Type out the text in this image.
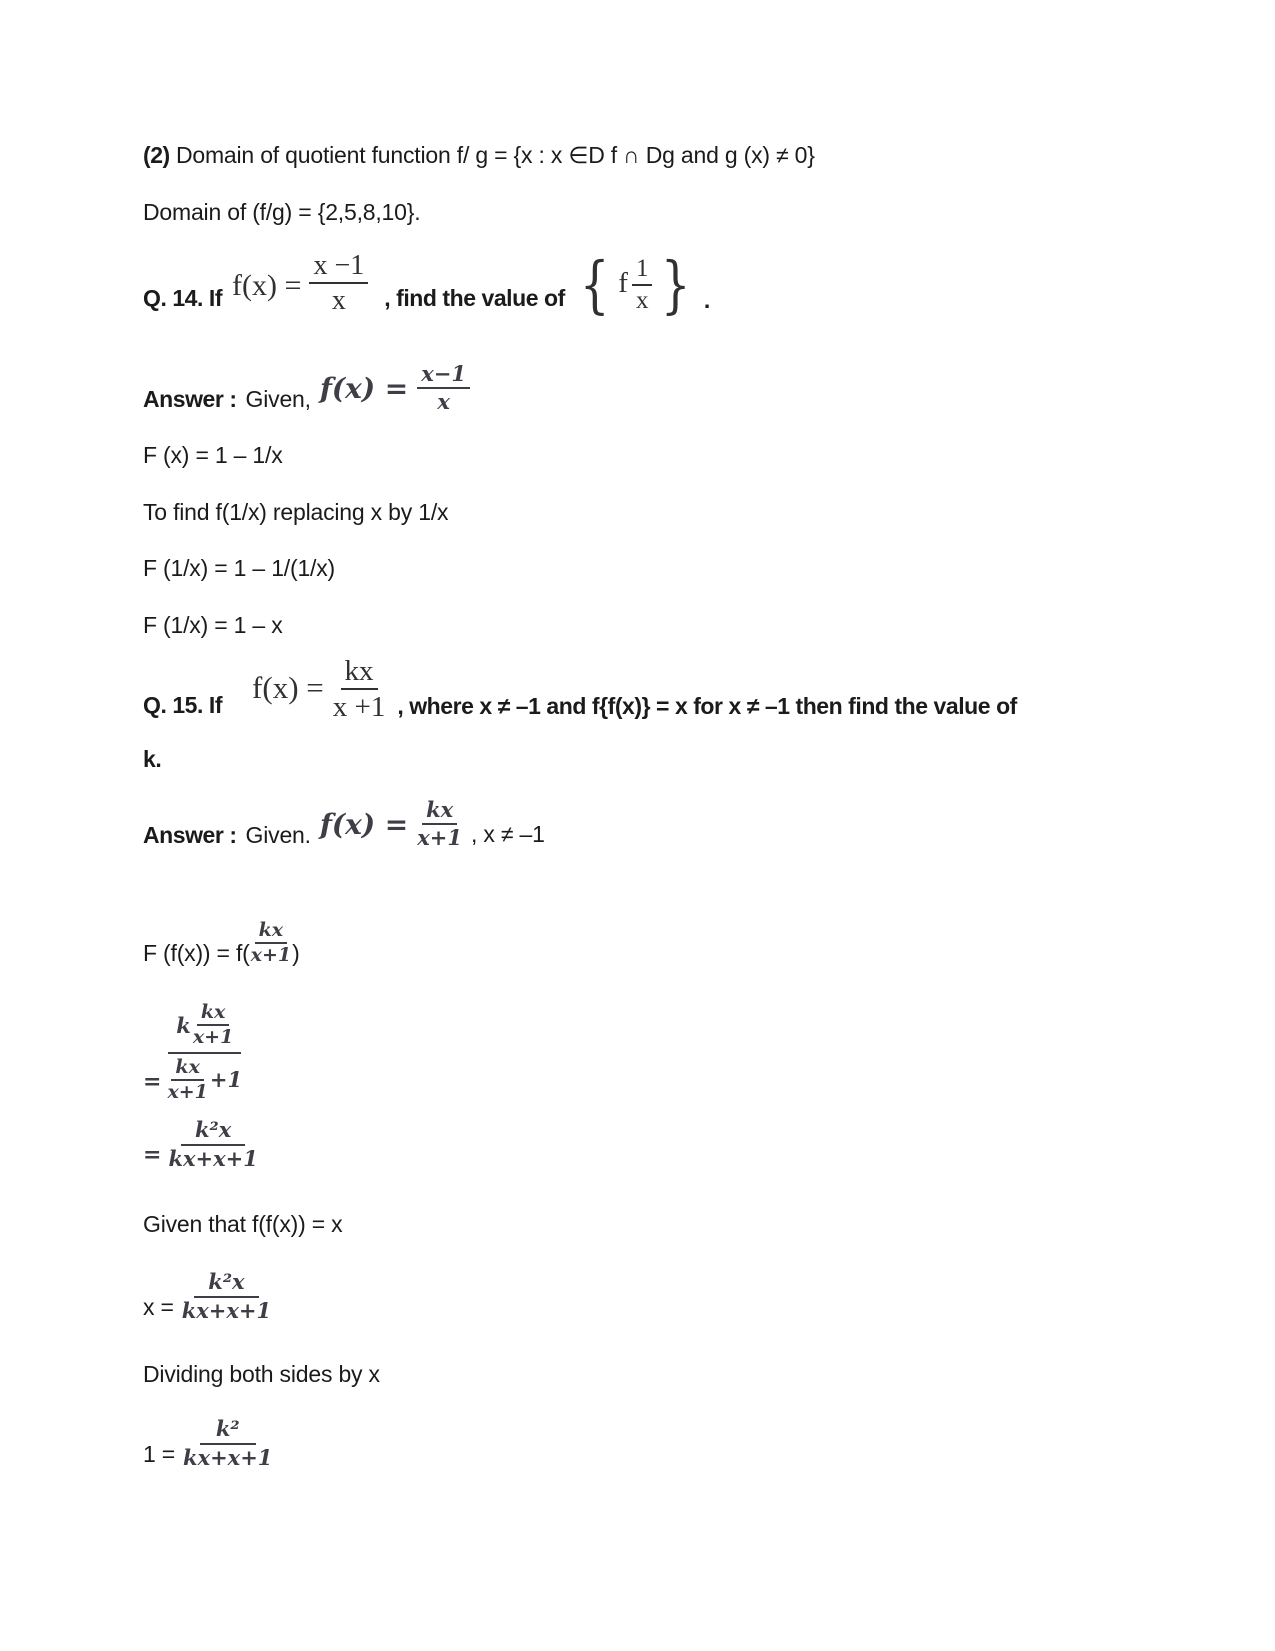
(2) Domain of quotient function f/ g = {x : x ∈D f ∩ Dg and g (x) ≠ 0}

Domain of (f/g) = {2,5,8,10}.

Q. 14. If $f(x) = \frac{x -1}{x}$ , find the value of { f $\frac{1}{x}$ } .
Answer : Given, $f(x) = \frac{x-1}{x}$

F (x) = 1 – 1/x

To find f(1/x) replacing x by 1/x

F (1/x) = 1 – 1/(1/x)

F (1/x) = 1 – x

Q. 15. If $f(x) = \frac{kx}{x +1}$ , where x ≠ –1 and f{f(x)} = x for x ≠ –1 then find the value of

k.

Answer : Given. $f(x) = \frac{kx}{x+1}$ , x ≠ –1
F $(f(x)) = f( \frac{kx}{x+1}$ )
= $\frac{k \frac{kx}{x+1}}{\frac{kx}{x+1} +1}$
= $\frac{\text{k²x}}{kx+x+1}$

Given that f(f(x)) = x

$x = \frac{\text{k²x}}{kx+x+1}$

Dividing both sides by x

$1 = \frac{\text{k²}}{kx+x+1}$
